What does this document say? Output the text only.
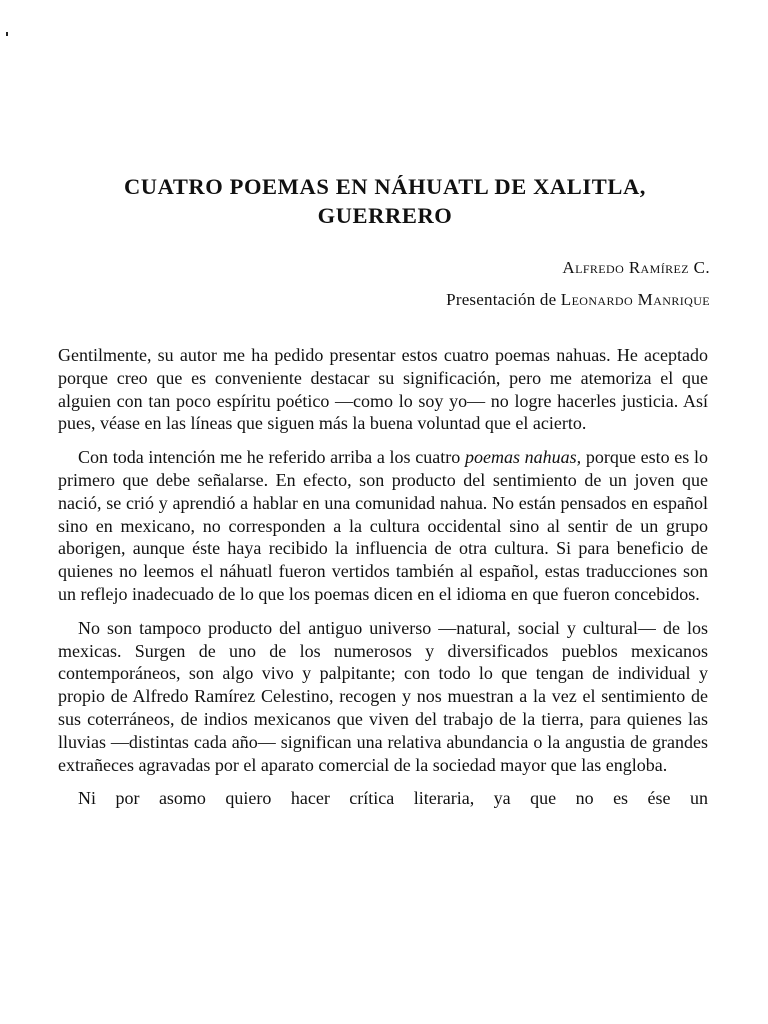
CUATRO POEMAS EN NÁHUATL DE XALITLA,
GUERRERO

Alfredo Ramírez C.

Presentación de Leonardo Manrique

Gentilmente, su autor me ha pedido presentar estos cuatro poemas nahuas. He aceptado porque creo que es conveniente destacar su significación, pero me atemoriza el que alguien con tan poco espíritu poético —como lo soy yo— no logre hacerles justicia. Así pues, véase en las líneas que siguen más la buena voluntad que el acierto.

Con toda intención me he referido arriba a los cuatro poemas nahuas, porque esto es lo primero que debe señalarse. En efecto, son producto del sentimiento de un joven que nació, se crió y aprendió a hablar en una comunidad nahua. No están pensados en español sino en mexicano, no corresponden a la cultura occidental sino al sentir de un grupo aborigen, aunque éste haya recibido la influencia de otra cultura. Si para beneficio de quienes no leemos el náhuatl fueron vertidos también al español, estas traducciones son un reflejo inadecuado de lo que los poemas dicen en el idioma en que fueron concebidos.

No son tampoco producto del antiguo universo —natural, social y cultural— de los mexicas. Surgen de uno de los numerosos y diversificados pueblos mexicanos contemporáneos, son algo vivo y palpitante; con todo lo que tengan de individual y propio de Alfredo Ramírez Celestino, recogen y nos muestran a la vez el sentimiento de sus coterráneos, de indios mexicanos que viven del trabajo de la tierra, para quienes las lluvias —distintas cada año— significan una relativa abundancia o la angustia de grandes extrañeces agravadas por el aparato comercial de la sociedad mayor que las engloba.

Ni por asomo quiero hacer crítica literaria, ya que no es ése un
